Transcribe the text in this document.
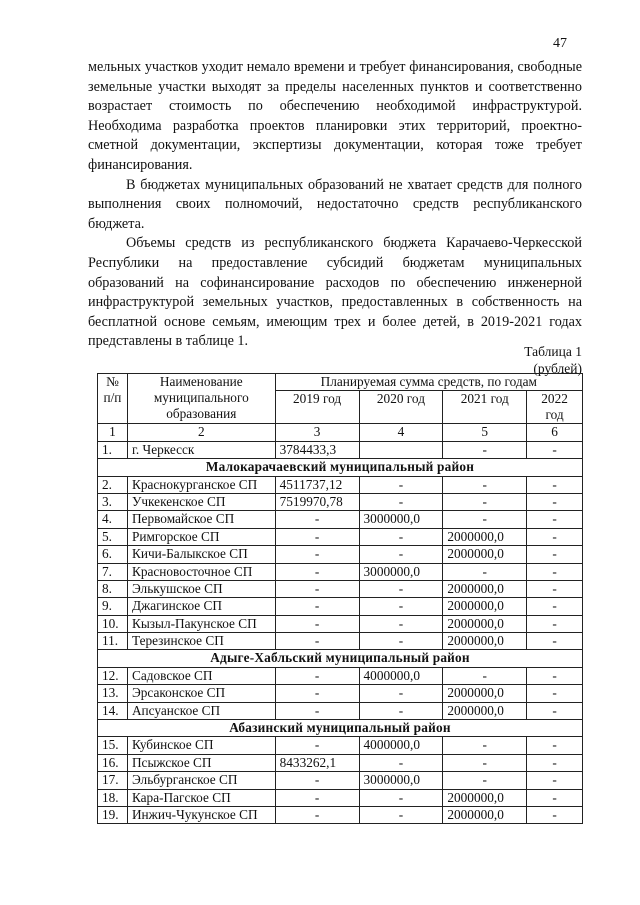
47

мельных участков уходит немало времени и требует финансирования, свободные земельные участки выходят за пределы населенных пунктов и соответственно возрастает стоимость по обеспечению необходимой инфраструктурой. Необходима разработка проектов планировки этих территорий, проектно-сметной документации, экспертизы документации, которая тоже требует финансирования.

В бюджетах муниципальных образований не хватает средств для полного выполнения своих полномочий, недостаточно средств республиканского бюджета.

Объемы средств из республиканского бюджета Карачаево-Черкесской Республики на предоставление субсидий бюджетам муниципальных образований на софинансирование расходов по обеспечению инженерной инфраструктурой земельных участков, предоставленных в собственность на бесплатной основе семьям, имеющим трех и более детей, в 2019-2021 годах представлены в таблице 1.

Таблица 1
(рублей)
№ п/п	Наименование муниципального образования	Планируемая сумма средств, по годам			
		2019 год	2020 год	2021 год	2022 год
1	2	3	4	5	6
1.	г. Черкесск	3784433,3		-	-
Малокарачаевский муниципальный район					
2.	Краснокурганское СП	4511737,12	-	-	-
3.	Учкекенское СП	7519970,78	-	-	-
4.	Первомайское СП	-	3000000,0	-	-
5.	Римгорское СП	-	-	2000000,0	-
6.	Кичи-Балыкское СП	-	-	2000000,0	-
7.	Красновосточное СП	-	3000000,0	-	-
8.	Элькушское СП	-	-	2000000,0	-
9.	Джагинское СП	-	-	2000000,0	-
10.	Кызыл-Пакунское СП	-	-	2000000,0	-
11.	Терезинское СП	-	-	2000000,0	-
Адыге-Хабльский муниципальный район					
12.	Садовское СП	-	4000000,0	-	-
13.	Эрсаконское СП	-	-	2000000,0	-
14.	Апсуанское СП	-	-	2000000,0	-
Абазинский муниципальный район					
15.	Кубинское СП	-	4000000,0	-	-
16.	Псыжское СП	8433262,1	-	-	-
17.	Эльбурганское СП	-	3000000,0	-	-
18.	Кара-Пагское СП	-	-	2000000,0	-
19.	Инжич-Чукунское СП	-	-	2000000,0	-
